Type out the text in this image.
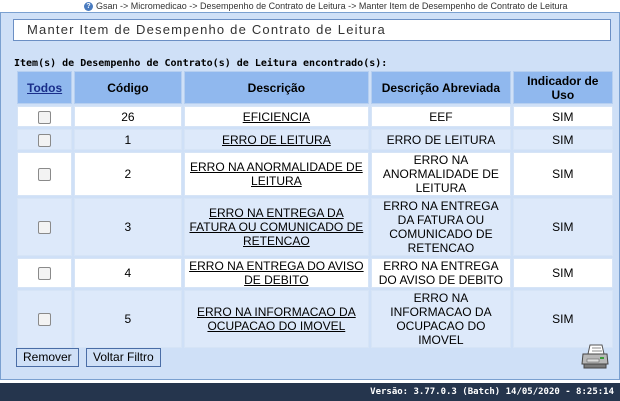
? Gsan -> Micromedicao -> Desempenho de Contrato de Leitura -> Manter Item de Desempenho de Contrato de Leitura
Manter Item de Desempenho de Contrato de Leitura
Item(s) de Desempenho de Contrato(s) de Leitura encontrado(s):
Todos	Código	Descrição	Descrição Abreviada	Indicador de Uso
	26	EFICIENCIA	EEF	SIM
	1	ERRO DE LEITURA	ERRO DE LEITURA	SIM
	2	ERRO NA ANORMALIDADE DE LEITURA	ERRO NA ANORMALIDADE DE LEITURA	SIM
	3	ERRO NA ENTREGA DA FATURA OU COMUNICADO DE RETENCAO	ERRO NA ENTREGA DA FATURA OU COMUNICADO DE RETENCAO	SIM
	4	ERRO NA ENTREGA DO AVISO DE DEBITO	ERRO NA ENTREGA DO AVISO DE DEBITO	SIM
	5	ERRO NA INFORMACAO DA OCUPACAO DO IMOVEL	ERRO NA INFORMACAO DA OCUPACAO DO IMOVEL	SIM
Remover	Voltar Filtro
Versão: 3.77.0.3 (Batch) 14/05/2020 - 8:25:14
